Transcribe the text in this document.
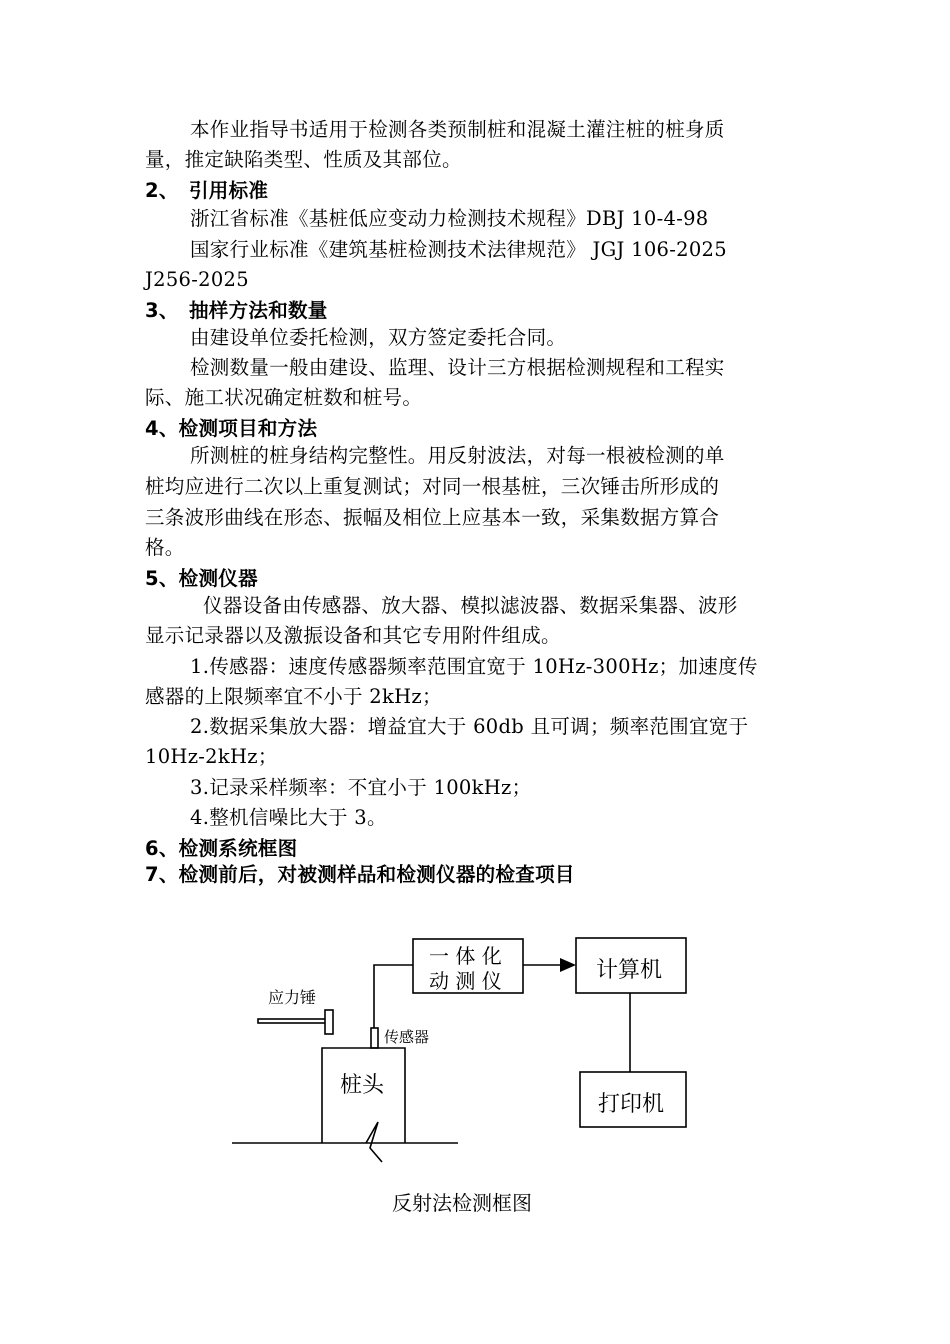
本作业指导书适用于检测各类预制桩和混凝土灌注桩的桩身质
量，推定缺陷类型、性质及其部位。
2、 引用标准
浙江省标准《基桩低应变动力检测技术规程》DBJ 10-4-98
国家行业标准《建筑基桩检测技术法律规范》 JGJ 106-2025
J256-2025
3、 抽样方法和数量
由建设单位委托检测，双方签定委托合同。
检测数量一般由建设、监理、设计三方根据检测规程和工程实
际、施工状况确定桩数和桩号。
4、检测项目和方法
所测桩的桩身结构完整性。用反射波法，对每一根被检测的单
桩均应进行二次以上重复测试；对同一根基桩，三次锤击所形成的
三条波形曲线在形态、振幅及相位上应基本一致，采集数据方算合
格。
5、检测仪器
仪器设备由传感器、放大器、模拟滤波器、数据采集器、波形
显示记录器以及激振设备和其它专用附件组成。
1.传感器：速度传感器频率范围宜宽于 10Hz-300Hz；加速度传
感器的上限频率宜不小于 2kHz；
2.数据采集放大器：增益宜大于 60db 且可调；频率范围宜宽于
10Hz-2kHz；
3.记录采样频率：不宜小于 100kHz；
4.整机信噪比大于 3。
6、检测系统框图
7、检测前后，对被测样品和检测仪器的检查项目
应力锤
传感器
桩头
一 体 化
动 测 仪	计算机
打印机
反射法检测框图
